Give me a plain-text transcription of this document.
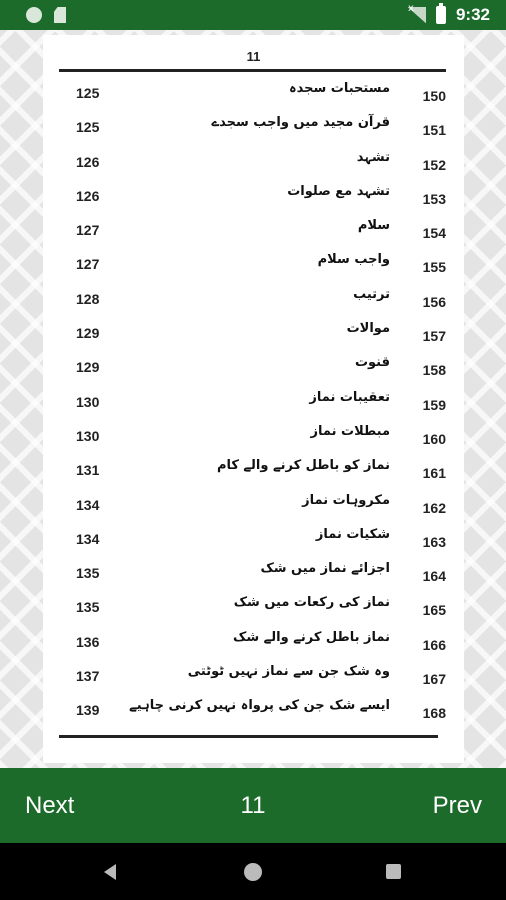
x
9:32
11
125	مستحبات سجدہ	150
125	قرآن مجید میں واجب سجدے	151
126	تشہد	152
126	تشہد مع صلوات	153
127	سلام	154
127	واجب سلام	155
128	ترتیب	156
129	موالات	157
129	قنوت	158
130	تعقیبات نماز	159
130	مبطلات نماز	160
131	نماز کو باطل کرنے والے کام	161
134	مکروہات نماز	162
134	شکیات نماز	163
135	اجزائے نماز میں شک	164
135	نماز کی رکعات میں شک	165
136	نماز باطل کرنے والے شک	166
137	وہ شک جن سے نماز نہیں ٹوٹتی	167
139 ایسے شک جن کی پرواہ نہیں کرنی چاہیے	168
Next	11	Prev
